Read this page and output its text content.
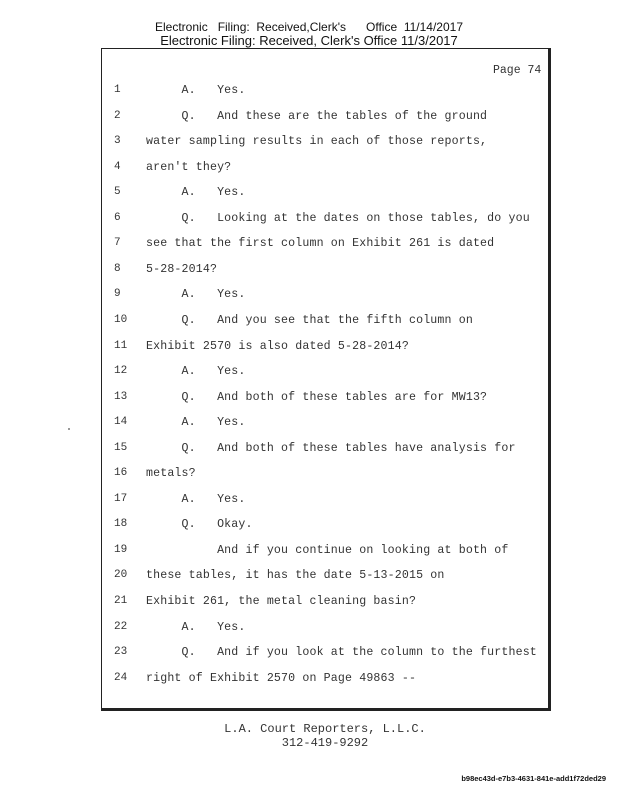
Electronic   Filing:  Received,Clerk's      Office  11/14/2017
Electronic Filing: Received, Clerk's Office 11/3/2017
Page 74
1	A.   Yes.
2	Q.   And these are the tables of the ground
3	water sampling results in each of those reports,
4	aren't they?
5	A.   Yes.
6	Q.   Looking at the dates on those tables, do you
7	see that the first column on Exhibit 261 is dated
8	5-28-2014?
9	A.   Yes.
10 Q.   And you see that the fifth column on
11 Exhibit 2570 is also dated 5-28-2014?
12 A.   Yes.
13 Q.   And both of these tables are for MW13?
14 A.   Yes.
15 Q.   And both of these tables have analysis for
16 metals?
17 A.   Yes.
18 Q.   Okay.
19 And if you continue on looking at both of
20 these tables, it has the date 5-13-2015 on
21 Exhibit 261, the metal cleaning basin?
22 A.   Yes.
23 Q.   And if you look at the column to the furthest
24 right of Exhibit 2570 on Page 49863 --
L.A. Court Reporters, L.L.C.
312-419-9292
b98ec43d-e7b3-4631-841e-add1f72ded29
